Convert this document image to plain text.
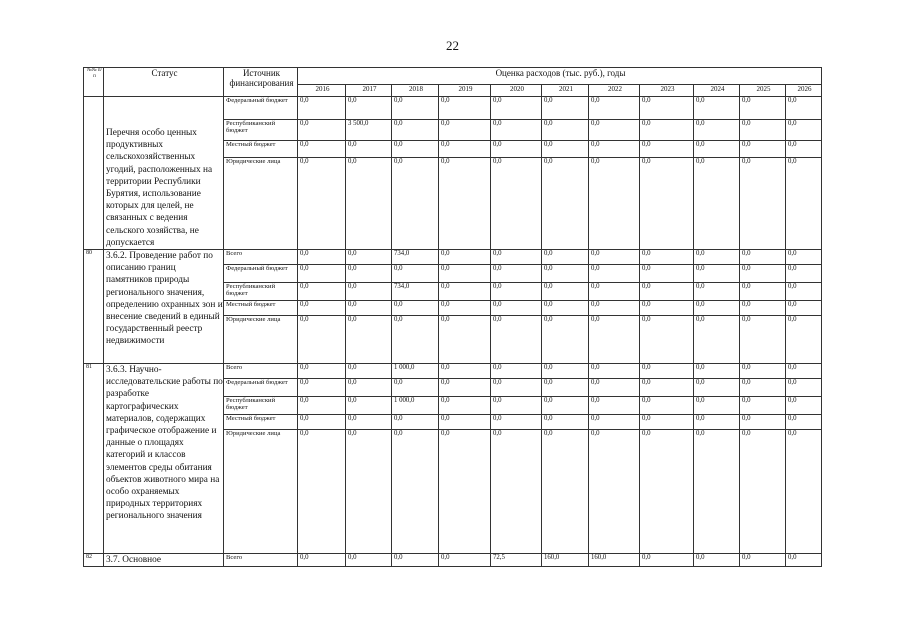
22
№№ п/п	Статус	Источник финансирования	Оценка расходов (тыс. руб.), годы										
			2016	2017	2018	2019	2020	2021	2022	2023	2024	2025	2026
	Перечня особо ценных продуктивных сельскохозяйственных угодий, расположенных на территории Республики Бурятия, использование которых для целей, не связанных с ведения сельского хозяйства, не допускается	Федеральный бюджет	0,0	0,0	0,0	0,0	0,0	0,0	0,0	0,0	0,0	0,0	0,0
		Республиканский бюджет	0,0	3 500,0	0,0	0,0	0,0	0,0	0,0	0,0	0,0	0,0	0,0
		Местный бюджет	0,0	0,0	0,0	0,0	0,0	0,0	0,0	0,0	0,0	0,0	0,0
		Юридические лица	0,0	0,0	0,0	0,0	0,0	0,0	0,0	0,0	0,0	0,0	0,0
80	3.6.2. Проведение работ по описанию границ памятников природы регионального значения, определению охранных зон и внесение сведений в единый государственный реестр недвижимости	Всего	0,0	0,0	734,0	0,0	0,0	0,0	0,0	0,0	0,0	0,0	0,0
		Федеральный бюджет	0,0	0,0	0,0	0,0	0,0	0,0	0,0	0,0	0,0	0,0	0,0
		Республиканский бюджет	0,0	0,0	734,0	0,0	0,0	0,0	0,0	0,0	0,0	0,0	0,0
		Местный бюджет	0,0	0,0	0,0	0,0	0,0	0,0	0,0	0,0	0,0	0,0	0,0
		Юридические лица	0,0	0,0	0,0	0,0	0,0	0,0	0,0	0,0	0,0	0,0	0,0
81	3.6.3. Научно-исследовательские работы по разработке картографических материалов, содержащих графическое отображение и данные о площадях категорий и классов элементов среды обитания объектов животного мира на особо охраняемых природных территориях регионального значения	Всего	0,0	0,0	1 000,0	0,0	0,0	0,0	0,0	0,0	0,0	0,0	0,0
		Федеральный бюджет	0,0	0,0	0,0	0,0	0,0	0,0	0,0	0,0	0,0	0,0	0,0
		Республиканский бюджет	0,0	0,0	1 000,0	0,0	0,0	0,0	0,0	0,0	0,0	0,0	0,0
		Местный бюджет	0,0	0,0	0,0	0,0	0,0	0,0	0,0	0,0	0,0	0,0	0,0
		Юридические лица	0,0	0,0	0,0	0,0	0,0	0,0	0,0	0,0	0,0	0,0	0,0
82	3.7. Основное	Всего	0,0	0,0	0,0	0,0	72,5	160,0	160,0	0,0	0,0	0,0	0,0
